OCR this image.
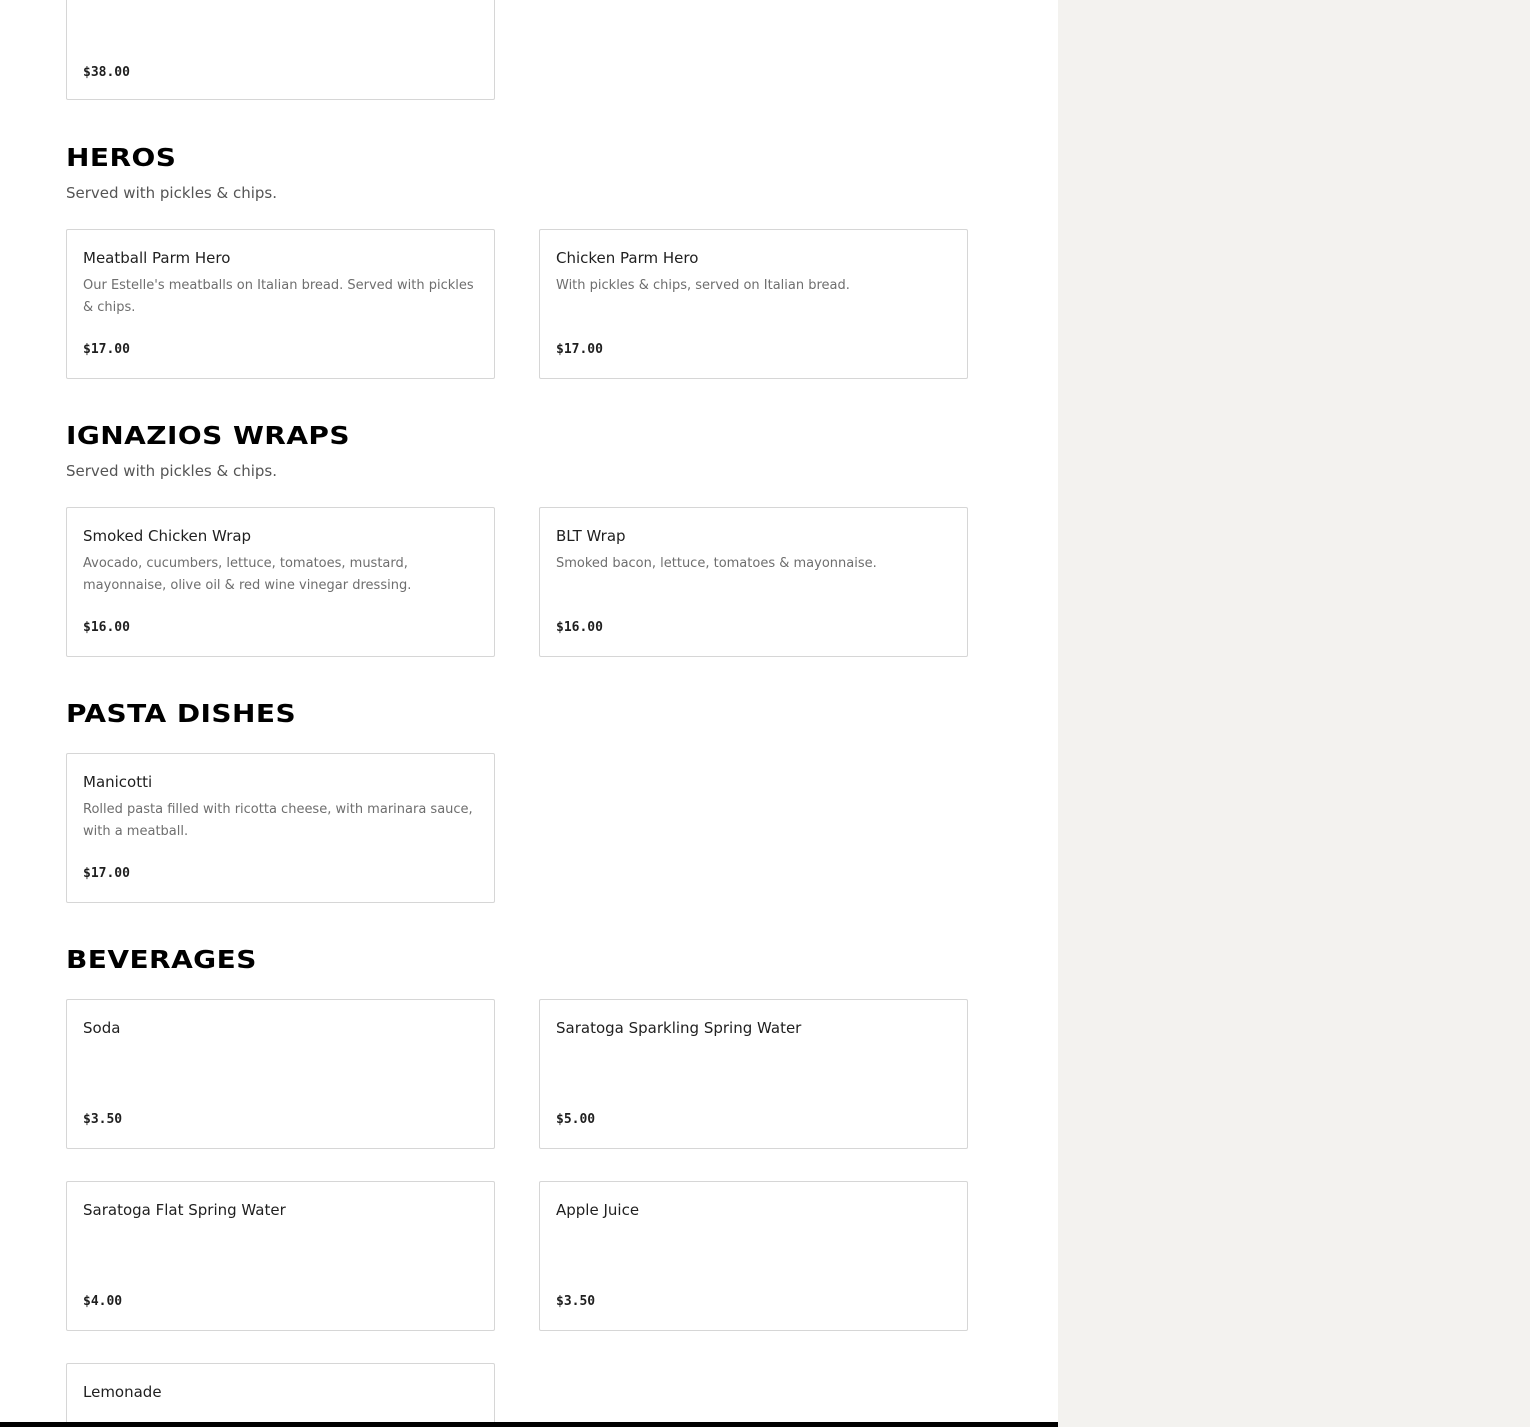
$38.00
HEROS

Served with pickles & chips.

Meatball Parm Hero
Our Estelle's meatballs on Italian bread. Served with pickles & chips.
$17.00
Chicken Parm Hero
With pickles & chips, served on Italian bread.
$17.00
IGNAZIOS WRAPS

Served with pickles & chips.

Smoked Chicken Wrap
Avocado, cucumbers, lettuce, tomatoes, mustard, mayonnaise, olive oil & red wine vinegar dressing.
$16.00
BLT Wrap
Smoked bacon, lettuce, tomatoes & mayonnaise.
$16.00
PASTA DISHES
Manicotti
Rolled pasta filled with ricotta cheese, with marinara sauce, with a meatball.
$17.00
BEVERAGES
Soda
$3.50
Saratoga Sparkling Spring Water
$5.00
Saratoga Flat Spring Water
$4.00
Apple Juice
$3.50
Lemonade
